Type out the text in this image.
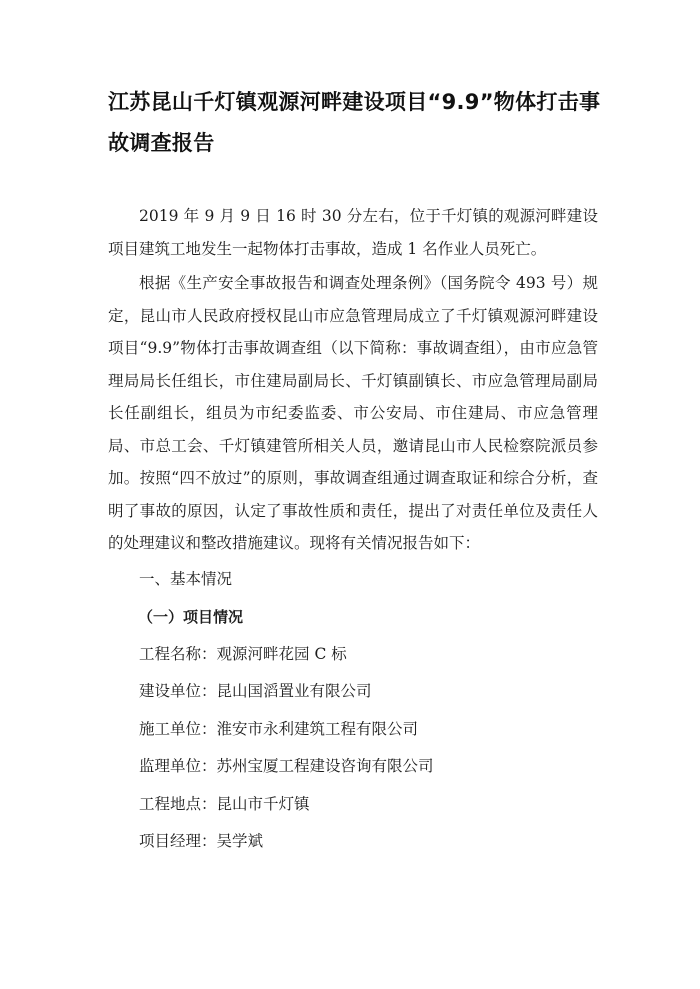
江苏昆山千灯镇观源河畔建设项目“9.9”物体打击事故调查报告

2019 年 9 月 9 日 16 时 30 分左右，位于千灯镇的观源河畔建设项目建筑工地发生一起物体打击事故，造成 1 名作业人员死亡。

根据《生产安全事故报告和调查处理条例》（国务院令 493 号）规定，昆山市人民政府授权昆山市应急管理局成立了千灯镇观源河畔建设项目“9.9”物体打击事故调查组（以下简称：事故调查组），由市应急管理局局长任组长，市住建局副局长、千灯镇副镇长、市应急管理局副局长任副组长，组员为市纪委监委、市公安局、市住建局、市应急管理局、市总工会、千灯镇建管所相关人员，邀请昆山市人民检察院派员参加。按照“四不放过”的原则，事故调查组通过调查取证和综合分析，查明了事故的原因，认定了事故性质和责任，提出了对责任单位及责任人的处理建议和整改措施建议。现将有关情况报告如下：

一、基本情况

（一）项目情况

工程名称：观源河畔花园 C 标
建设单位：昆山国滔置业有限公司
施工单位：淮安市永利建筑工程有限公司
监理单位：苏州宝厦工程建设咨询有限公司
工程地点：昆山市千灯镇
项目经理：吴学斌
